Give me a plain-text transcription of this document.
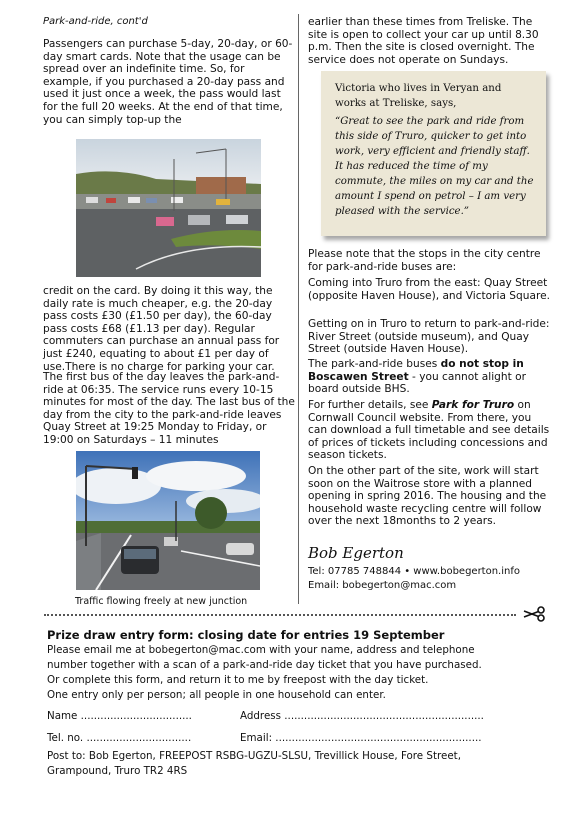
Park-and-ride, cont'd

Passengers can purchase 5-day, 20-day, or 60-day smart cards. Note that the usage can be spread over an indefinite time. So, for example, if you purchased a 20-day pass and used it just once a week, the pass would last for the full 20 weeks. At the end of that time, you can simply top-up the

credit on the card. By doing it this way, the daily rate is much cheaper, e.g. the 20-day pass costs £30 (£1.50 per day), the 60-day pass costs £68 (£1.13 per day). Regular commuters can purchase an annual pass for just £240, equating to about £1 per day of use.There is no charge for parking your car.

The first bus of the day leaves the park-and-ride at 06:35. The service runs every 10-15 minutes for most of the day. The last bus of the day from the city to the park-and-ride leaves Quay Street at 19:25 Monday to Friday, or 19:00 on Saturdays – 11 minutes

Traffic flowing freely at new junction

earlier than these times from Treliske. The site is open to collect your car up until 8.30 p.m. Then the site is closed overnight. The service does not operate on Sundays.

Victoria who lives in Veryan and works at Treliske, says,
“Great to see the park and ride from this side of Truro, quicker to get into work, very efficient and friendly staff. It has reduced the time of my commute, the miles on my car and the amount I spend on petrol – I am very pleased with the service.”

Please note that the stops in the city centre for park-and-ride buses are:

Coming into Truro from the east: Quay Street (opposite Haven House), and Victoria Square.

Getting on in Truro to return to park-and-ride: River Street (outside museum), and Quay Street (outside Haven House).

The park-and-ride buses do not stop in Boscawen Street - you cannot alight or board outside BHS.

For further details, see Park for Truro on Cornwall Council website. From there, you can download a full timetable and see details of prices of tickets including concessions and season tickets.

On the other part of the site, work will start soon on the Waitrose store with a planned opening in spring 2016. The housing and the household waste recycling centre will follow over the next 18months to 2 years.

Bob Egerton
Tel: 07785 748844 • www.bobegerton.info
Email: bobegerton@mac.com
Prize draw entry form: closing date for entries 19 September
Please email me at bobegerton@mac.com with your name, address and telephone
number together with a scan of a park-and-ride day ticket that you have purchased.
Or complete this form, and return it to me by freepost with the day ticket.
One entry only per person; all people in one household can enter.
Name ..................................	Address .............................................................
Tel. no. ................................	Email: ...............................................................
Post to: Bob Egerton, FREEPOST RSBG-UGZU-SLSU, Trevillick House, Fore Street,
Grampound, Truro TR2 4RS
